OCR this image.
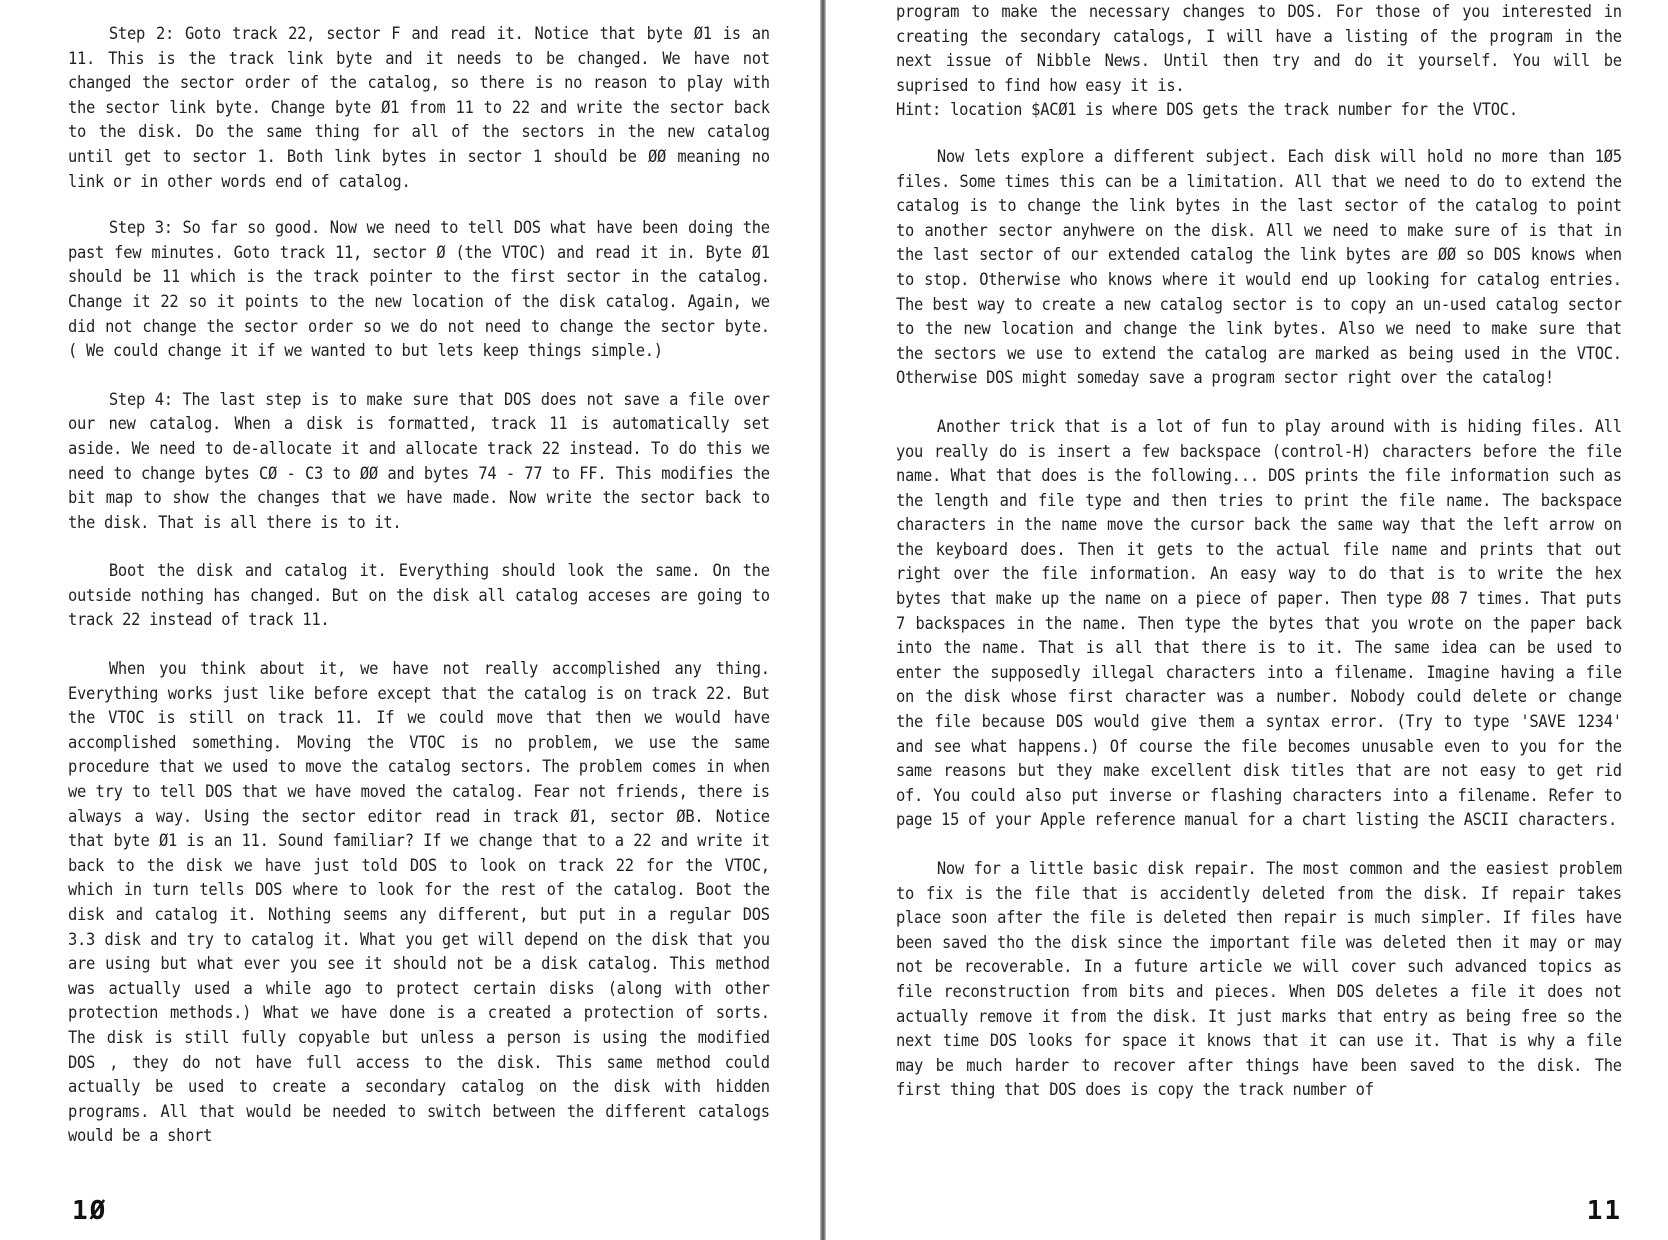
Step 2: Goto track 22, sector F and read it. Notice that byte Ø1 is an 11. This is the track link byte and it needs to be changed. We have not changed the sector order of the catalog, so there is no reason to play with the sector link byte. Change byte Ø1 from 11 to 22 and write the sector back to the disk. Do the same thing for all of the sectors in the new catalog until get to sector 1. Both link bytes in sector 1 should be ØØ meaning no link or in other words end of catalog.

Step 3: So far so good. Now we need to tell DOS what have been doing the past few minutes. Goto track 11, sector Ø (the VTOC) and read it in. Byte Ø1 should be 11 which is the track pointer to the first sector in the catalog. Change it 22 so it points to the new location of the disk catalog. Again, we did not change the sector order so we do not need to change the sector byte. ( We could change it if we wanted to but lets keep things simple.)

Step 4: The last step is to make sure that DOS does not save a file over our new catalog. When a disk is formatted, track 11 is automatically set aside. We need to de-allocate it and allocate track 22 instead. To do this we need to change bytes CØ - C3 to ØØ and bytes 74 - 77 to FF. This modifies the bit map to show the changes that we have made. Now write the sector back to the disk. That is all there is to it.

Boot the disk and catalog it. Everything should look the same. On the outside nothing has changed. But on the disk all catalog acceses are going to track 22 instead of track 11.

When you think about it, we have not really accomplished any thing. Everything works just like before except that the catalog is on track 22. But the VTOC is still on track 11. If we could move that then we would have accomplished something. Moving the VTOC is no problem, we use the same procedure that we used to move the catalog sectors. The problem comes in when we try to tell DOS that we have moved the catalog. Fear not friends, there is always a way. Using the sector editor read in track Ø1, sector ØB. Notice that byte Ø1 is an 11. Sound familiar? If we change that to a 22 and write it back to the disk we have just told DOS to look on track 22 for the VTOC, which in turn tells DOS where to look for the rest of the catalog. Boot the disk and catalog it. Nothing seems any different, but put in a regular DOS 3.3 disk and try to catalog it. What you get will depend on the disk that you are using but what ever you see it should not be a disk catalog. This method was actually used a while ago to protect certain disks (along with other protection methods.) What we have done is a created a protection of sorts. The disk is still fully copyable but unless a person is using the modified DOS , they do not have full access to the disk. This same method could actually be used to create a secondary catalog on the disk with hidden programs. All that would be needed to switch between the different catalogs would be a short

1Ø

program to make the necessary changes to DOS. For those of you interested in creating the secondary catalogs, I will have a listing of the program in the next issue of Nibble News. Until then try and do it yourself. You will be suprised to find how easy it is.
Hint: location $ACØ1 is where DOS gets the track number for the VTOC.

Now lets explore a different subject. Each disk will hold no more than 1Ø5 files. Some times this can be a limitation. All that we need to do to extend the catalog is to change the link bytes in the last sector of the catalog to point to another sector anyhwere on the disk. All we need to make sure of is that in the last sector of our extended catalog the link bytes are ØØ so DOS knows when to stop. Otherwise who knows where it would end up looking for catalog entries. The best way to create a new catalog sector is to copy an un-used catalog sector to the new location and change the link bytes. Also we need to make sure that the sectors we use to extend the catalog are marked as being used in the VTOC. Otherwise DOS might someday save a program sector right over the catalog!

Another trick that is a lot of fun to play around with is hiding files. All you really do is insert a few backspace (control-H) characters before the file name. What that does is the following... DOS prints the file information such as the length and file type and then tries to print the file name. The backspace characters in the name move the cursor back the same way that the left arrow on the keyboard does. Then it gets to the actual file name and prints that out right over the file information. An easy way to do that is to write the hex bytes that make up the name on a piece of paper. Then type Ø8 7 times. That puts 7 backspaces in the name. Then type the bytes that you wrote on the paper back into the name. That is all that there is to it. The same idea can be used to enter the supposedly illegal characters into a filename. Imagine having a file on the disk whose first character was a number. Nobody could delete or change the file because DOS would give them a syntax error. (Try to type 'SAVE 1234' and see what happens.) Of course the file becomes unusable even to you for the same reasons but they make excellent disk titles that are not easy to get rid of. You could also put inverse or flashing characters into a filename. Refer to page 15 of your Apple reference manual for a chart listing the ASCII characters.

Now for a little basic disk repair. The most common and the easiest problem to fix is the file that is accidently deleted from the disk. If repair takes place soon after the file is deleted then repair is much simpler. If files have been saved tho the disk since the important file was deleted then it may or may not be recoverable. In a future article we will cover such advanced topics as file reconstruction from bits and pieces. When DOS deletes a file it does not actually remove it from the disk. It just marks that entry as being free so the next time DOS looks for space it knows that it can use it. That is why a file may be much harder to recover after things have been saved to the disk. The first thing that DOS does is copy the track number of

11
